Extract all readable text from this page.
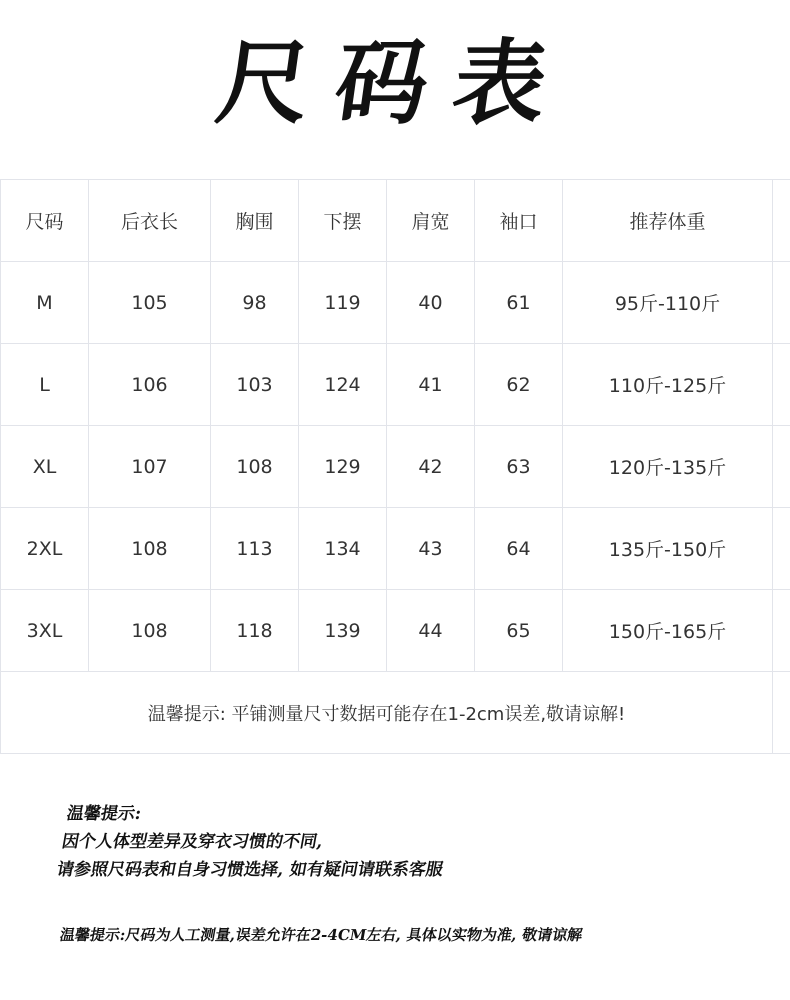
尺码表
尺码	后衣长	胸围	下摆	肩宽	袖口	推荐体重	
M	105	98	119	40	61	95斤-110斤	
L	106	103	124	41	62	110斤-125斤	
XL	107	108	129	42	63	120斤-135斤	
2XL	108	113	134	43	64	135斤-150斤	
3XL	108	118	139	44	65	150斤-165斤	
温馨提示: 平铺测量尺寸数据可能存在1-2cm误差,敬请谅解!							
温馨提示:
因个人体型差异及穿衣习惯的不同,
请参照尺码表和自身习惯选择, 如有疑问请联系客服
温馨提示:尺码为人工测量,误差允许在2-4CM左右, 具体以实物为准, 敬请谅解
